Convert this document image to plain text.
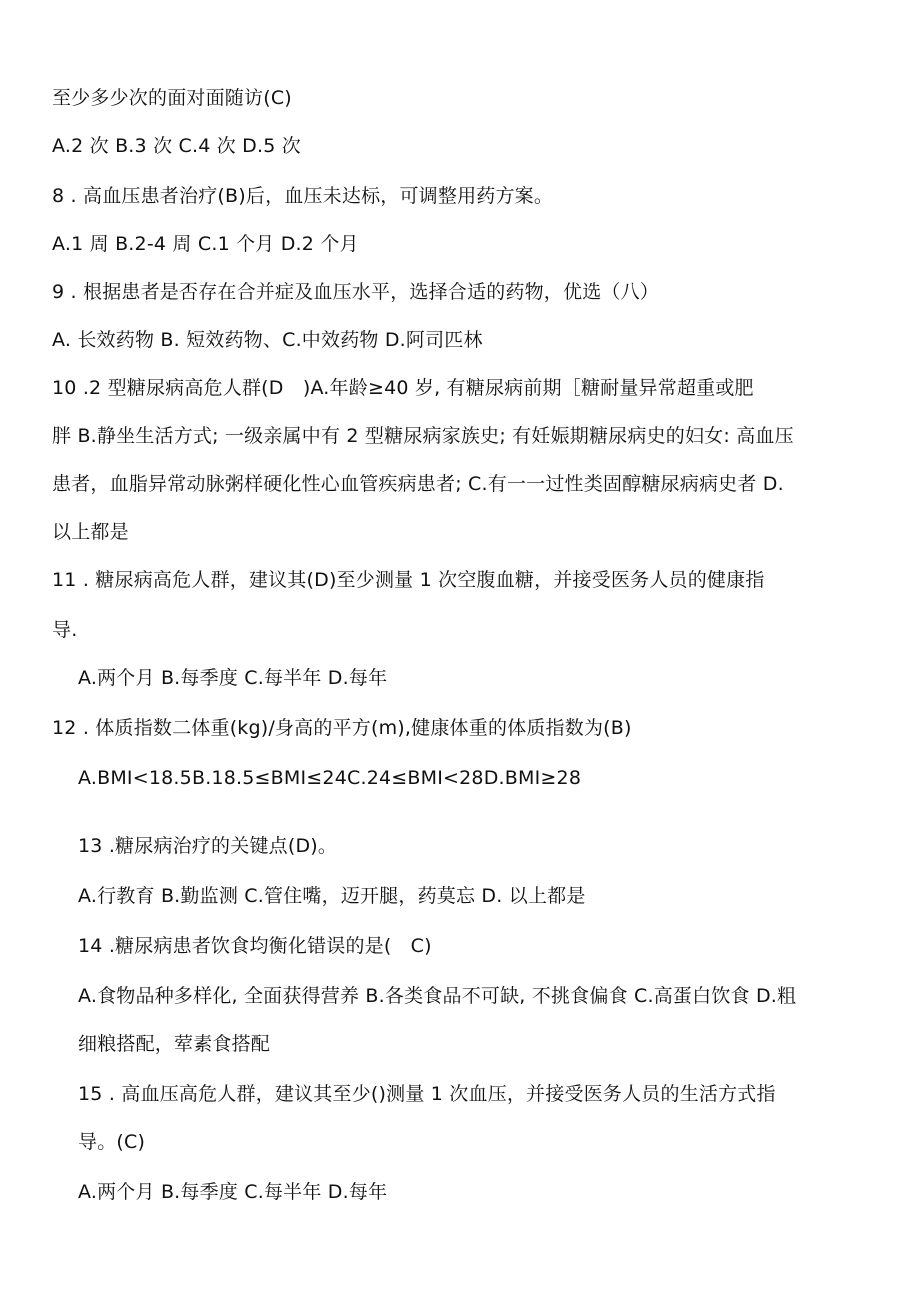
至少多少次的面对面随访(C)
A.2 次 B.3 次 C.4 次 D.5 次
8 . 高血压患者治疗(B)后，血压未达标，可调整用药方案。
A.1 周 B.2-4 周 C.1 个月 D.2 个月
9 . 根据患者是否存在合并症及血压水平，选择合适的药物，优选（八）
A. 长效药物 B. 短效药物、C.中效药物 D.阿司匹林
10 .2 型糖尿病高危人群(D　)A.年龄≥40 岁, 有糖尿病前期［糖耐量异常超重或肥
胖 B.静坐生活方式; 一级亲属中有 2 型糖尿病家族史; 有妊娠期糖尿病史的妇女: 高血压
患者，血脂异常动脉粥样硬化性心血管疾病患者; C.有一一过性类固醇糖尿病病史者 D.
以上都是
11 . 糖尿病高危人群，建议其(D)至少测量 1 次空腹血糖，并接受医务人员的健康指
导.
A.两个月 B.每季度 C.每半年 D.每年
12 . 体质指数二体重(kg)/身高的平方(m),健康体重的体质指数为(B)
A.BMI<18.5B.18.5≤BMI≤24C.24≤BMI<28D.BMI≥28
13 .糖尿病治疗的关键点(D)。
A.行教育 B.勤监测 C.管住嘴，迈开腿，药莫忘 D. 以上都是
14 .糖尿病患者饮食均衡化错误的是(　C)
A.食物品种多样化, 全面获得营养 B.各类食品不可缺, 不挑食偏食 C.高蛋白饮食 D.粗
细粮搭配，荤素食搭配
15 . 高血压高危人群，建议其至少()测量 1 次血压，并接受医务人员的生活方式指
导。(C)
A.两个月 B.每季度 C.每半年 D.每年
